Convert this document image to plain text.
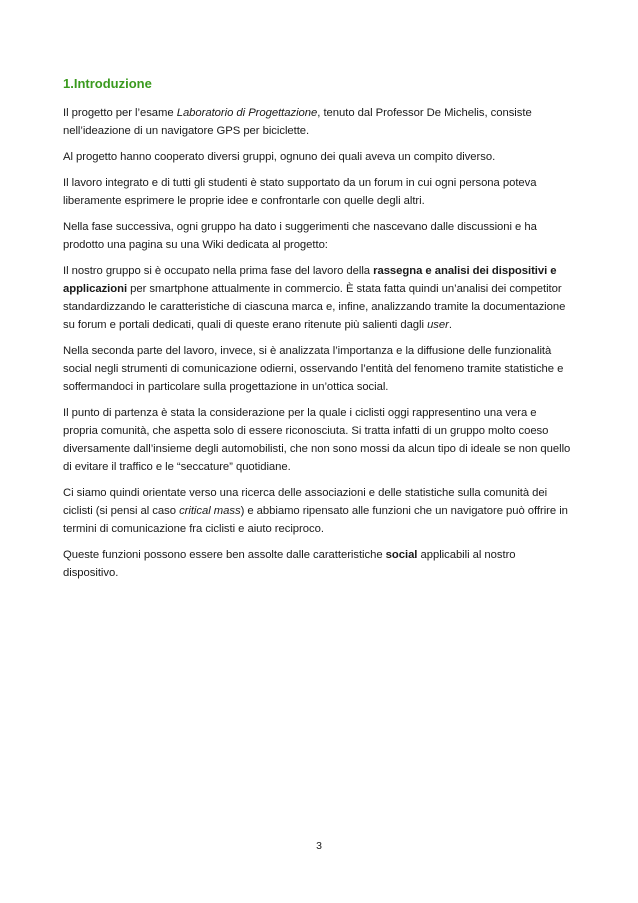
1.Introduzione

Il progetto per l’esame Laboratorio di Progettazione, tenuto dal Professor De Michelis, consiste nell’ideazione di un navigatore GPS per biciclette.

Al progetto hanno cooperato diversi gruppi, ognuno dei quali aveva un compito diverso.

Il lavoro integrato e di tutti gli studenti è stato supportato da un forum in cui ogni persona poteva liberamente esprimere le proprie idee e confrontarle con quelle degli altri.

Nella fase successiva, ogni gruppo ha dato i suggerimenti che nascevano dalle discussioni e ha prodotto una pagina su una Wiki dedicata al progetto:

Il nostro gruppo si è occupato nella prima fase del lavoro della rassegna e analisi dei dispositivi e applicazioni per smartphone attualmente in commercio. È stata fatta quindi un’analisi dei competitor standardizzando le caratteristiche di ciascuna marca e, infine, analizzando tramite la documentazione su forum e portali dedicati, quali di queste erano ritenute più salienti dagli user.

Nella seconda parte del lavoro, invece, si è analizzata l’importanza e la diffusione delle funzionalità social negli strumenti di comunicazione odierni, osservando l’entità del fenomeno tramite statistiche e soffermandoci in particolare sulla progettazione in un’ottica social.

Il punto di partenza è stata la considerazione per la quale i ciclisti oggi rappresentino una vera e propria comunità, che aspetta solo di essere riconosciuta. Si tratta infatti di un gruppo molto coeso diversamente dall’insieme degli automobilisti, che non sono mossi da alcun tipo di ideale se non quello di evitare il traffico e le “seccature” quotidiane.

Ci siamo quindi orientate verso una ricerca delle associazioni e delle statistiche sulla comunità dei ciclisti (si pensi al caso critical mass) e abbiamo ripensato alle funzioni che un navigatore può offrire in termini di comunicazione fra ciclisti e aiuto reciproco.

Queste funzioni possono essere ben assolte dalle caratteristiche social applicabili al nostro dispositivo.

3
